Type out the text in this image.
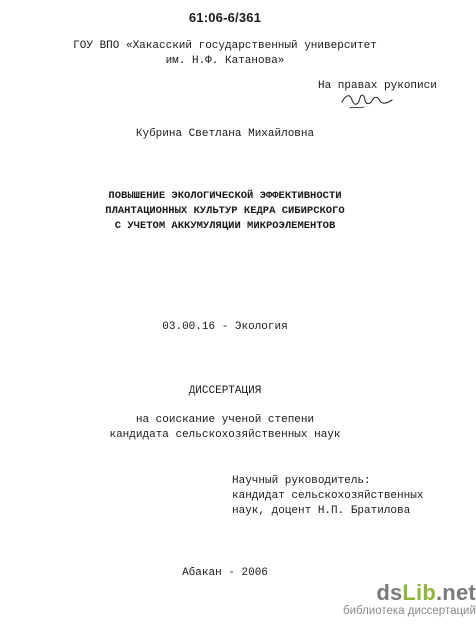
61:06-6/361
ГОУ ВПО «Хакасский государственный университет
им. Н.Ф. Катанова»
На правах рукописи
Кубрина Светлана Михайловна
ПОВЫШЕНИЕ ЭКОЛОГИЧЕСКОЙ ЭФФЕКТИВНОСТИ
ПЛАНТАЦИОННЫХ КУЛЬТУР КЕДРА СИБИРСКОГО
С УЧЕТОМ АККУМУЛЯЦИИ МИКРОЭЛЕМЕНТОВ
03.00.16 - Экология
ДИССЕРТАЦИЯ
на соискание ученой степени
кандидата сельскохозяйственных наук
Научный руководитель:
кандидат сельскохозяйственных
наук, доцент Н.П. Братилова
Абакан - 2006
dsLib.net
библиотека диссертаций
